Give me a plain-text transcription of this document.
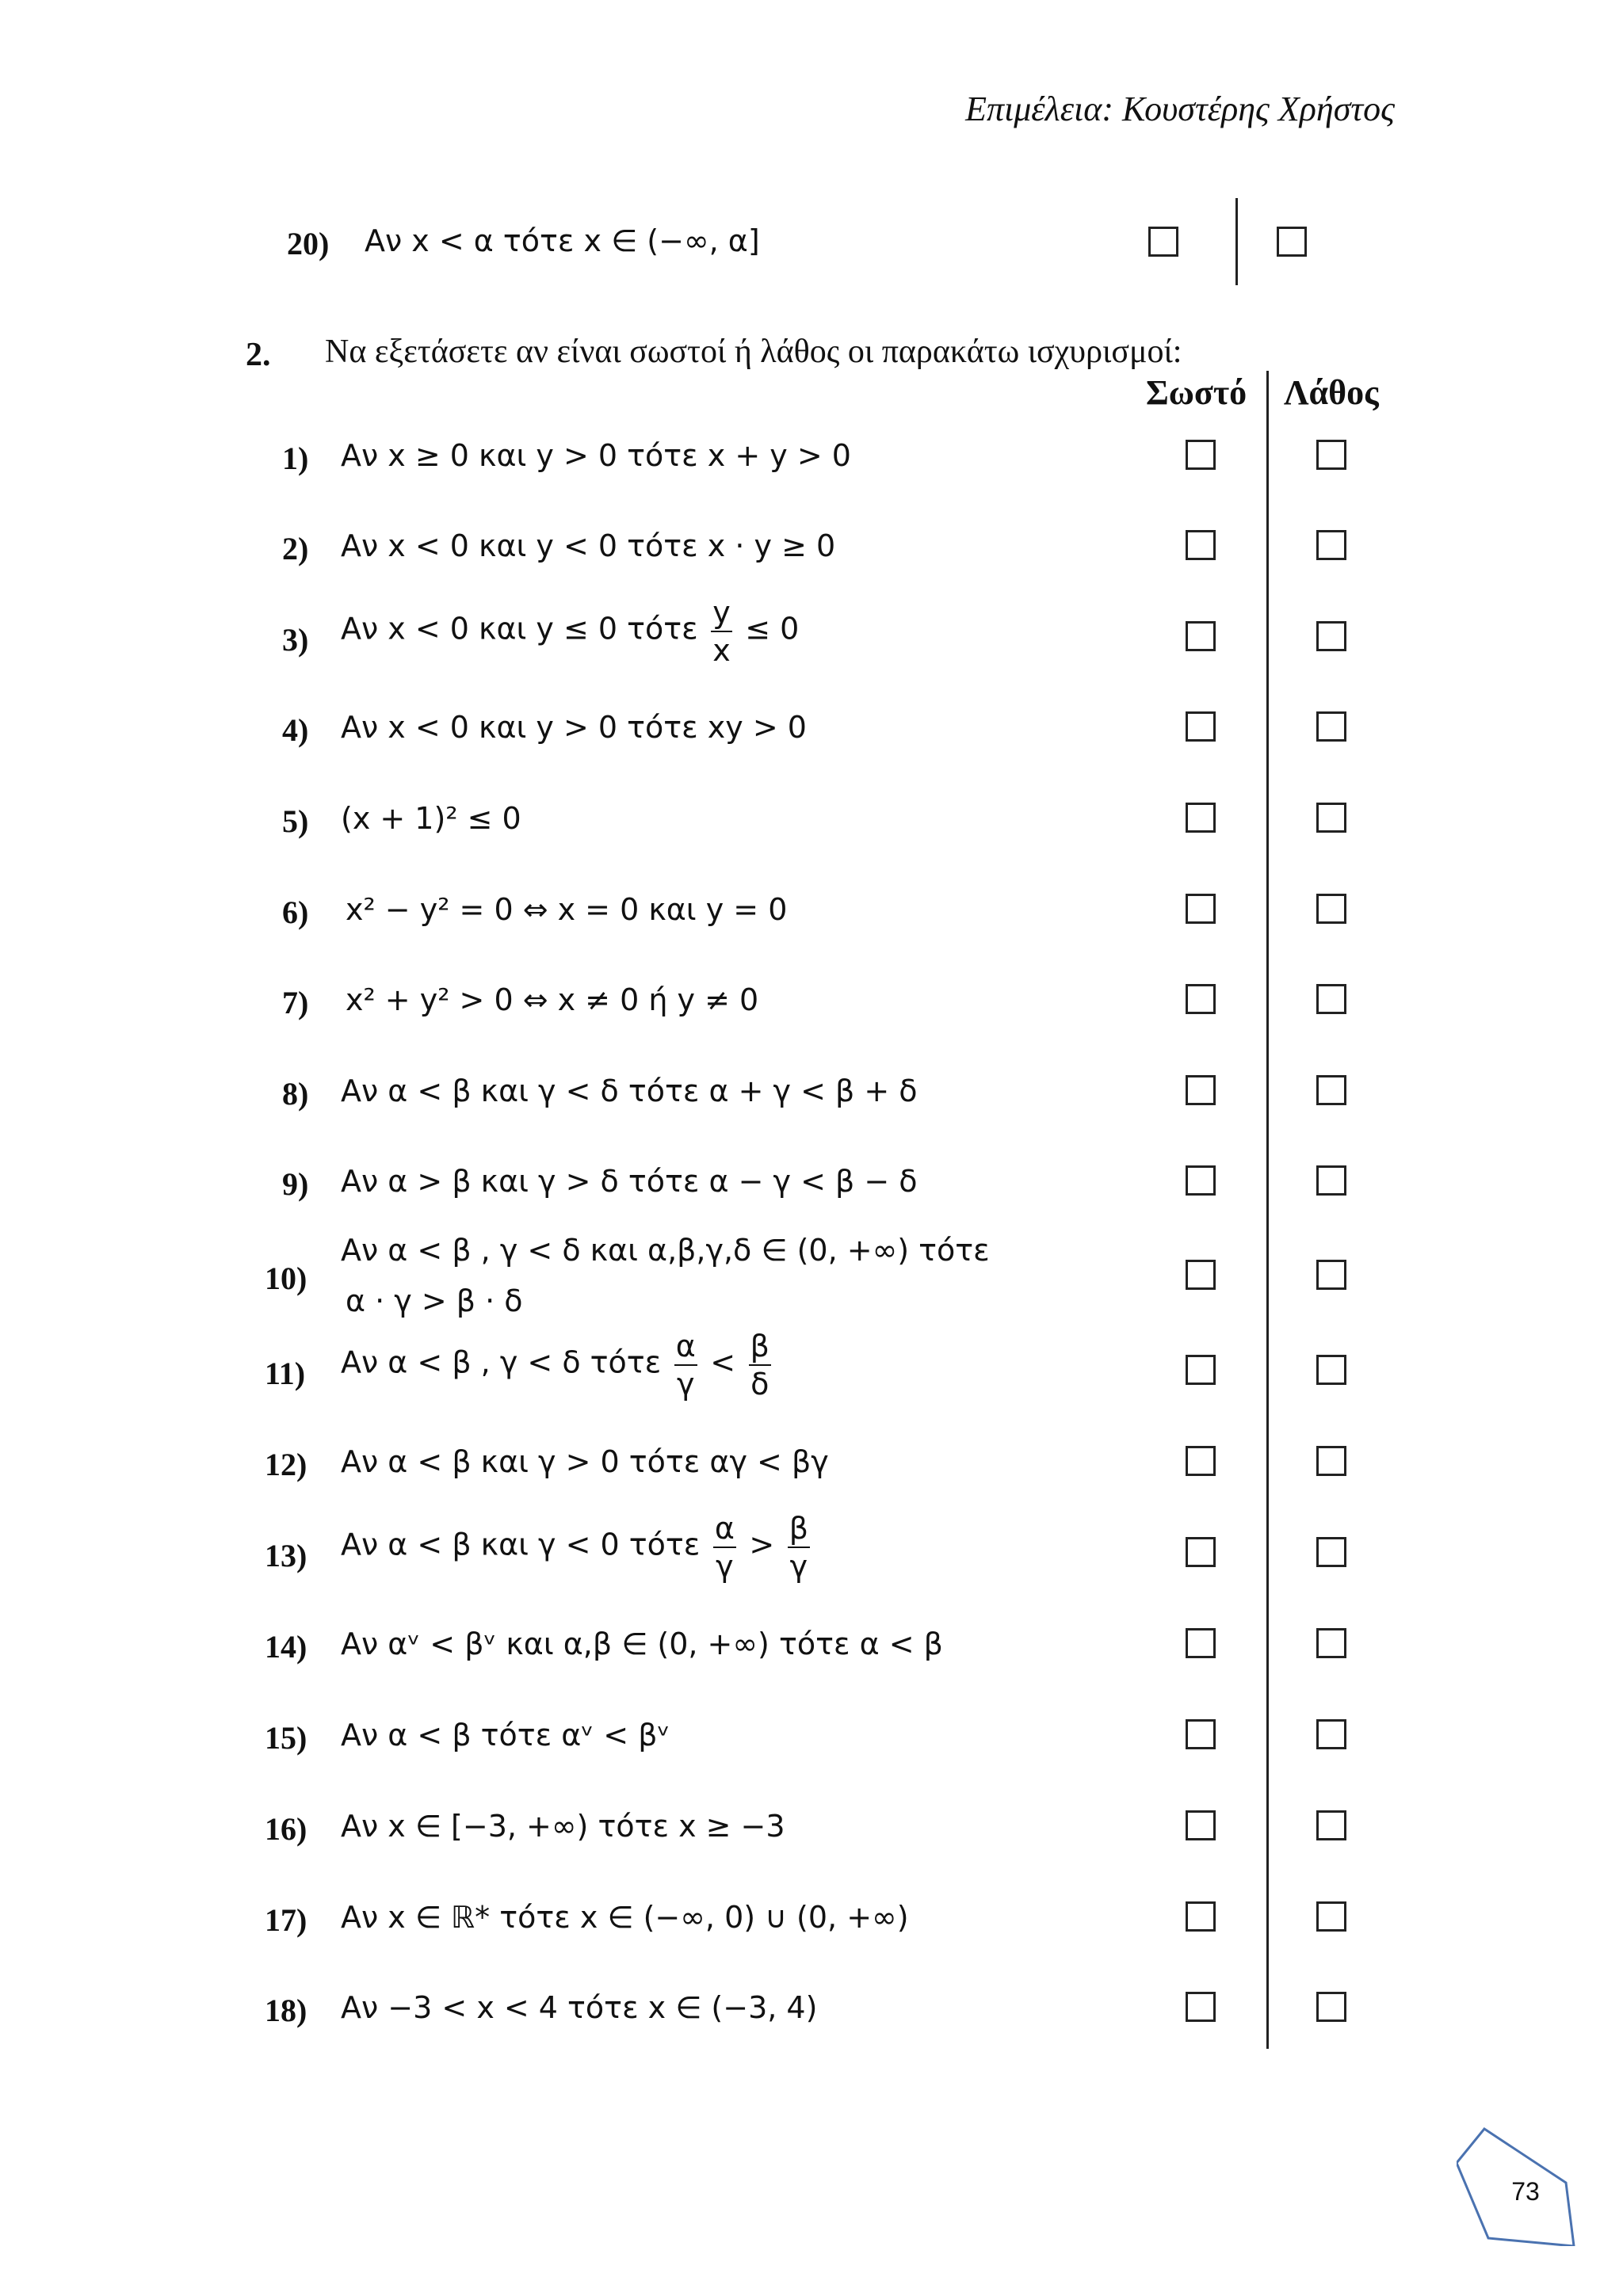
Επιμέλεια: Κουστέρης Χρήστος
20) Αν x < α τότε x ∈ (−∞, α]
2. Να εξετάσετε αν είναι σωστοί ή λάθος οι παρακάτω ισχυρισμοί:
Σωστό Λάθος
1) Αν x ≥ 0 και y > 0 τότε x + y > 0
2) Αν x < 0 και y < 0 τότε x · y ≥ 0
3) Αν x < 0 και y ≤ 0 τότε $\frac{y}{x} \le 0$
4) Αν x < 0 και y > 0 τότε xy > 0
5) (x + 1)² ≤ 0
6) x² − y² = 0 ⇔ x = 0 και y = 0
7) x² + y² > 0 ⇔ x ≠ 0 ή y ≠ 0
8) Αν α < β και γ < δ τότε α + γ < β + δ
9) Αν α > β και γ > δ τότε α − γ < β − δ
10)
Αν α < β , γ < δ και α,β,γ,δ ∈ (0, +∞) τότε
α · γ > β · δ
11) Αν α < β , γ < δ τότε $\frac{\alpha}{\gamma} < \frac{\beta}{\delta}$
12) Αν α < β και γ > 0 τότε αγ < βγ
13) Αν α < β και γ < 0 τότε $\frac{\alpha}{\gamma} > \frac{\beta}{\gamma}$
14) Αν αᵛ < βᵛ και α,β ∈ (0, +∞) τότε α < β
15) Αν α < β τότε αᵛ < βᵛ
16) Αν x ∈ [−3, +∞) τότε x ≥ −3
17) Αν x ∈ ℝ* τότε x ∈ (−∞, 0) ∪ (0, +∞)
18) Αν −3 < x < 4 τότε x ∈ (−3, 4)
73
